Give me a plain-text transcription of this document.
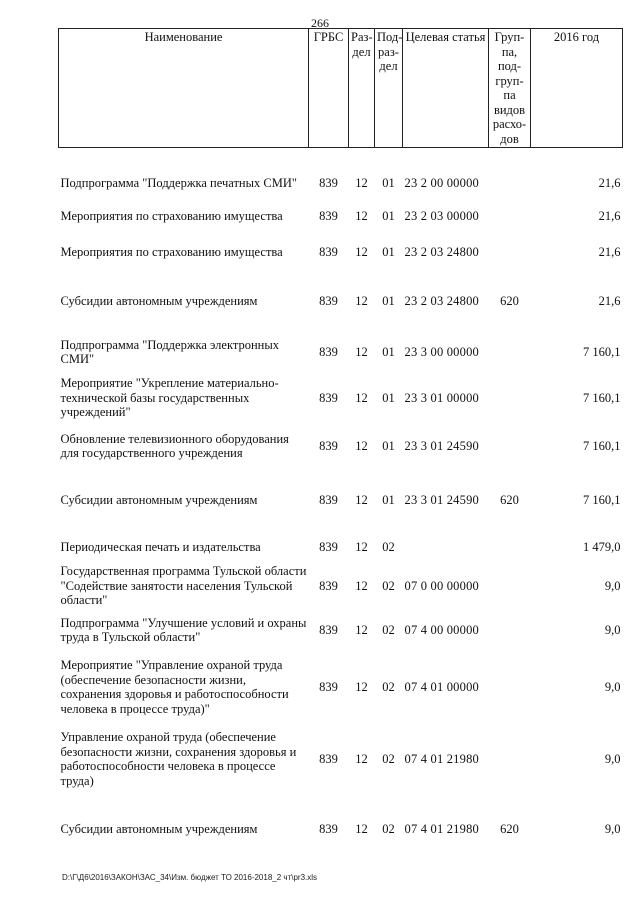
266
Наименование	ГРБС	Раз-дел	Под-раз-дел	Целевая статья	Груп-па, под-груп-па видов расхо-дов	2016 год

Подпрограмма "Поддержка печатных СМИ"	839	12	01	23 2 00 00000		21,6
Мероприятия по страхованию имущества	839	12	01	23 2 03 00000		21,6
Мероприятия по страхованию имущества	839	12	01	23 2 03 24800		21,6
Субсидии автономным учреждениям	839	12	01	23 2 03 24800	620	21,6
Подпрограмма "Поддержка электронных СМИ"	839	12	01	23 3 00 00000		7 160,1
Мероприятие "Укрепление материально-технической базы государственных учреждений"	839	12	01	23 3 01 00000		7 160,1
Обновление телевизионного оборудования для государственного учреждения	839	12	01	23 3 01 24590		7 160,1
Субсидии автономным учреждениям	839	12	01	23 3 01 24590	620	7 160,1
Периодическая печать и издательства	839	12	02			1 479,0
Государственная программа Тульской области "Содействие занятости населения Тульской области"	839	12	02	07 0 00 00000		9,0
Подпрограмма "Улучшение условий и охраны труда в Тульской области"	839	12	02	07 4 00 00000		9,0
Мероприятие "Управление охраной труда (обеспечение безопасности жизни, сохранения здоровья и работоспособности человека в процессе труда)"	839	12	02	07 4 01 00000		9,0
Управление охраной труда (обеспечение безопасности жизни, сохранения здоровья и работоспособности человека в процессе труда)	839	12	02	07 4 01 21980		9,0
Субсидии автономным учреждениям	839	12	02	07 4 01 21980	620	9,0
D:\Г\Д6\2016\ЗАКОН\ЗАС_34\Изм. бюджет ТО 2016-2018_2 чт\pr3.xls
